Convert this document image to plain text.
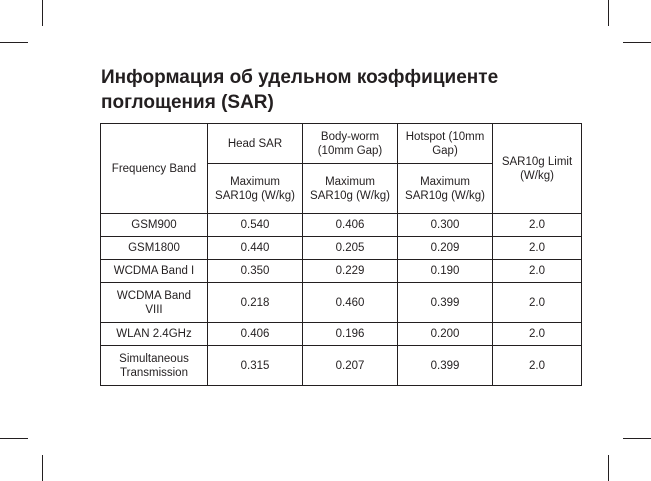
Информация об удельном коэффициенте поглощения (SAR)
Frequency Band	Head SAR	Body-worm (10mm Gap)	Hotspot (10mm Gap)	SAR10g Limit (W/kg)
	Maximum SAR10g (W/kg)	Maximum SAR10g (W/kg)	Maximum SAR10g (W/kg)	
GSM900	0.540	0.406	0.300	2.0
GSM1800	0.440	0.205	0.209	2.0
WCDMA Band I	0.350	0.229	0.190	2.0
WCDMA Band VIII	0.218	0.460	0.399	2.0
WLAN 2.4GHz	0.406	0.196	0.200	2.0
Simultaneous Transmission	0.315	0.207	0.399	2.0
